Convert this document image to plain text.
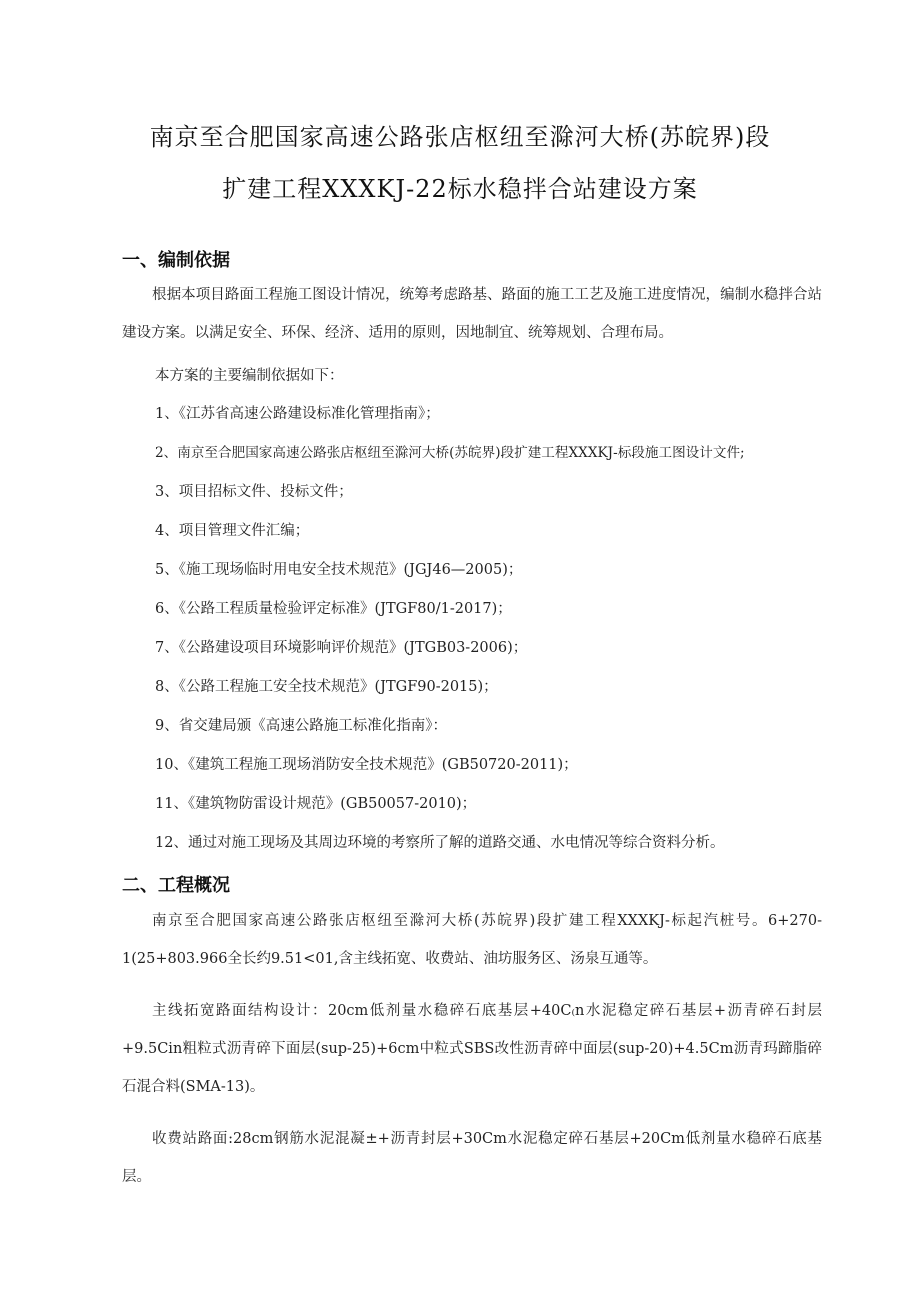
南京至合肥国家高速公路张店枢纽至滁河大桥(苏皖界)段
扩建工程XXXKJ-22标水稳拌合站建设方案
一、编制依据
根据本项目路面工程施工图设计情况，统筹考虑路基、路面的施工工艺及施工进度情况，编制水稳拌合站建设方案。以满足安全、环保、经济、适用的原则，因地制宜、统筹规划、合理布局。
本方案的主要编制依据如下：
1、《江苏省高速公路建设标准化管理指南》；
2、南京至合肥国家高速公路张店枢纽至滁河大桥(苏皖界)段扩建工程XXXKJ-标段施工图设计文件;
3、项目招标文件、投标文件；
4、项目管理文件汇编；
5、《施工现场临时用电安全技术规范》(JGJ46—2005)；
6、《公路工程质量检验评定标准》(JTGF80/1-2017)；
7、《公路建设项目环境影响评价规范》(JTGB03-2006)；
8、《公路工程施工安全技术规范》(JTGF90-2015)；
9、省交建局颁《高速公路施工标准化指南》：
10、《建筑工程施工现场消防安全技术规范》(GB50720-2011)；
11、《建筑物防雷设计规范》(GB50057-2010)；
12、通过对施工现场及其周边环境的考察所了解的道路交通、水电情况等综合资料分析。
二、工程概况
南京至合肥国家高速公路张店枢纽至滁河大桥(苏皖界)段扩建工程XXXKJ-标起汽桩号。6+270-1(25+803.966全长约9.51<01,含主线拓宽、收费站、油坊服务区、汤泉互通等。
主线拓宽路面结构设计：20cm低剂量水稳碎石底基层+40C₍n水泥稳定碎石基层+沥青碎石封层+9.5Cin粗粒式沥青碎下面层(sup-25)+6cm中粒式SBS改性沥青碎中面层(sup-20)+4.5Cm沥青玛蹄脂碎石混合料(SMA-13)。
收费站路面:28cm钢筋水泥混凝±+沥青封层+30Cm水泥稳定碎石基层+20Cm低剂量水稳碎石底基层。
